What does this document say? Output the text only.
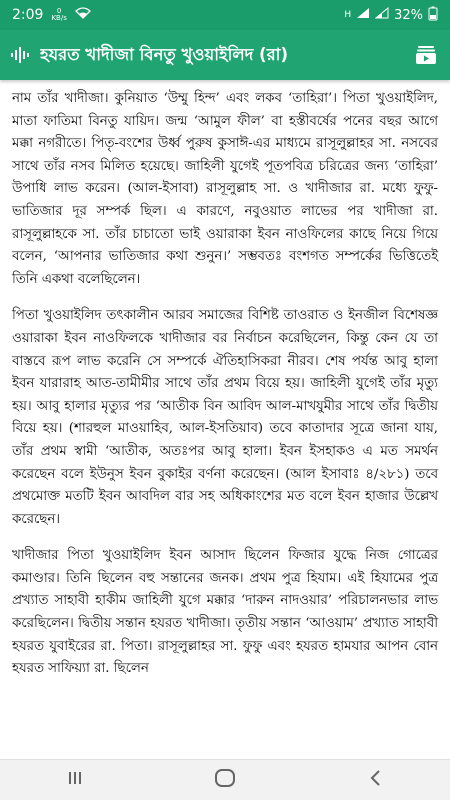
2:09	0
KB/s	H	32%
হযরত খাদীজা বিনতু খুওয়াইলিদ (রা)

নাম তাঁর খাদীজা। কুনিয়াত ‘উম্মু হিন্দ’ এবং লকব ‘তাহিরা’। পিতা খুওয়াইলিদ, মাতা ফাতিমা বিনতু যায়িদ। জন্ম ‘আমুল ফীল’ বা হস্তীবর্ষের পনের বছর আগে মক্কা নগরীতে। পিতৃ-বংশের উর্ধ্ব পুরুষ কুসাঈ-এর মাধ্যমে রাসূলুল্লাহর সা. নসবের সাথে তাঁর নসব মিলিত হয়েছে। জাহিলী যুগেই পূতপবিত্র চরিত্রের জন্য ‘তাহিরা’ উপাধি লাভ করেন। (আল-ইসাবা) রাসূলুল্লাহ সা. ও খাদীজার রা. মধ্যে ফুফু-ভাতিজার দূর সম্পর্ক ছিল। এ কারণে, নবুওয়াত লাভের পর খাদীজা রা. রাসূলুল্লাহকে সা. তাঁর চাচাতো ভাই ওয়ারাকা ইবন নাওফিলের কাছে নিয়ে গিয়ে বলেন, ‘আপনার ভাতিজার কথা শুনুন।’ সম্ভবতঃ বংশগত সম্পর্কের ভিত্তিতেই তিনি একথা বলেছিলেন।

পিতা খুওয়াইলিদ তৎকালীন আরব সমাজের বিশিষ্ট তাওরাত ও ইনজীল বিশেষজ্ঞ ওয়ারাকা ইবন নাওফিলকে খাদীজার বর নির্বাচন করেছিলেন, কিন্তু কেন যে তা বাস্তবে রূপ লাভ করেনি সে সম্পর্কে ঐতিহাসিকরা নীরব। শেষ পর্যন্ত আবু হালা ইবন যারারাহ আত-তামীমীর সাথে তাঁর প্রথম বিয়ে হয়। জাহিলী যুগেই তাঁর মৃত্যু হয়। আবু হালার মৃত্যুর পর ‘আতীক বিন আবিদ আল-মাখযুমীর সাথে তাঁর দ্বিতীয় বিয়ে হয়। (শারহুল মাওয়াহিব, আল-ইসতিয়াব) তবে কাতাদার সূত্রে জানা যায়, তাঁর প্রথম স্বামী ‘আতীক, অতঃপর আবু হালা। ইবন ইসহাকও এ মত সমর্থন করেছেন বলে ইউনুস ইবন বুকাইর বর্ণনা করেছেন। (আল ইসাবাঃ ৪/২৮১) তবে প্রথমোক্ত মতটি ইবন আবদিল বার সহ অধিকাংশের মত বলে ইবন হাজার উল্লেখ করেছেন।

খাদীজার পিতা খুওয়াইলিদ ইবন আসাদ ছিলেন ফিজার যুদ্ধে নিজ গোত্রের কমাণ্ডার। তিনি ছিলেন বহু সন্তানের জনক। প্রথম পুত্র হিযাম। এই হিযামের পুত্র প্রখ্যাত সাহাবী হাকীম জাহিলী যুগে মক্কার ‘দারুন নাদওয়ার’ পরিচালনভার লাভ করেছিলেন। দ্বিতীয় সন্তান হযরত খাদীজা। তৃতীয় সন্তান ‘আওয়াম’ প্রখ্যাত সাহাবী হযরত যুবাইরের রা. পিতা। রাসূলুল্লাহর সা. ফুফু এবং হযরত হামযার আপন বোন হযরত সাফিয়্যা রা. ছিলেন
